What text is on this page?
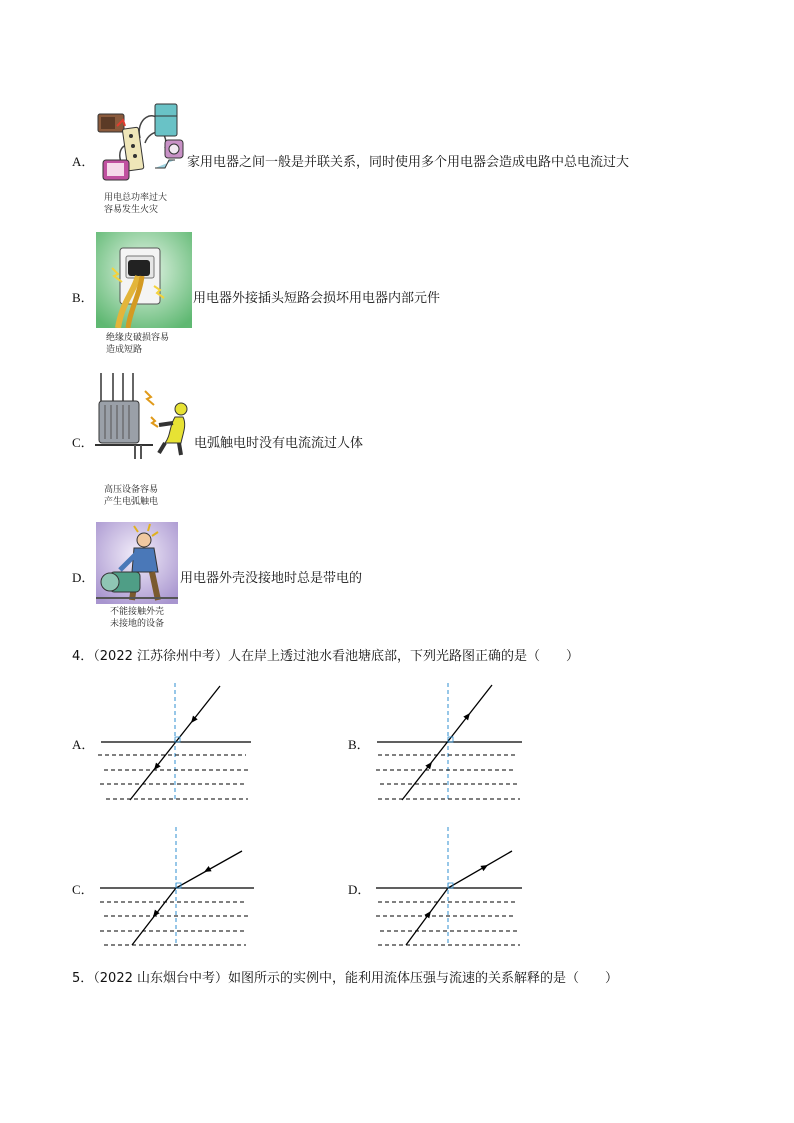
A．
用电总功率过大
容易发生火灾
家用电器之间一般是并联关系，同时使用多个用电器会造成电路中总电流过大
B．
绝缘皮破损容易
造成短路
用电器外接插头短路会损坏用电器内部元件
C．
高压设备容易
产生电弧触电
电弧触电时没有电流流过人体
D．
不能接触外壳
未接地的设备
用电器外壳没接地时总是带电的
4．（2022 江苏徐州中考）人在岸上透过池水看池塘底部，下列光路图正确的是（　　）
A．	B．
C．	D．
5．（2022 山东烟台中考）如图所示的实例中，能利用流体压强与流速的关系解释的是（　　）
